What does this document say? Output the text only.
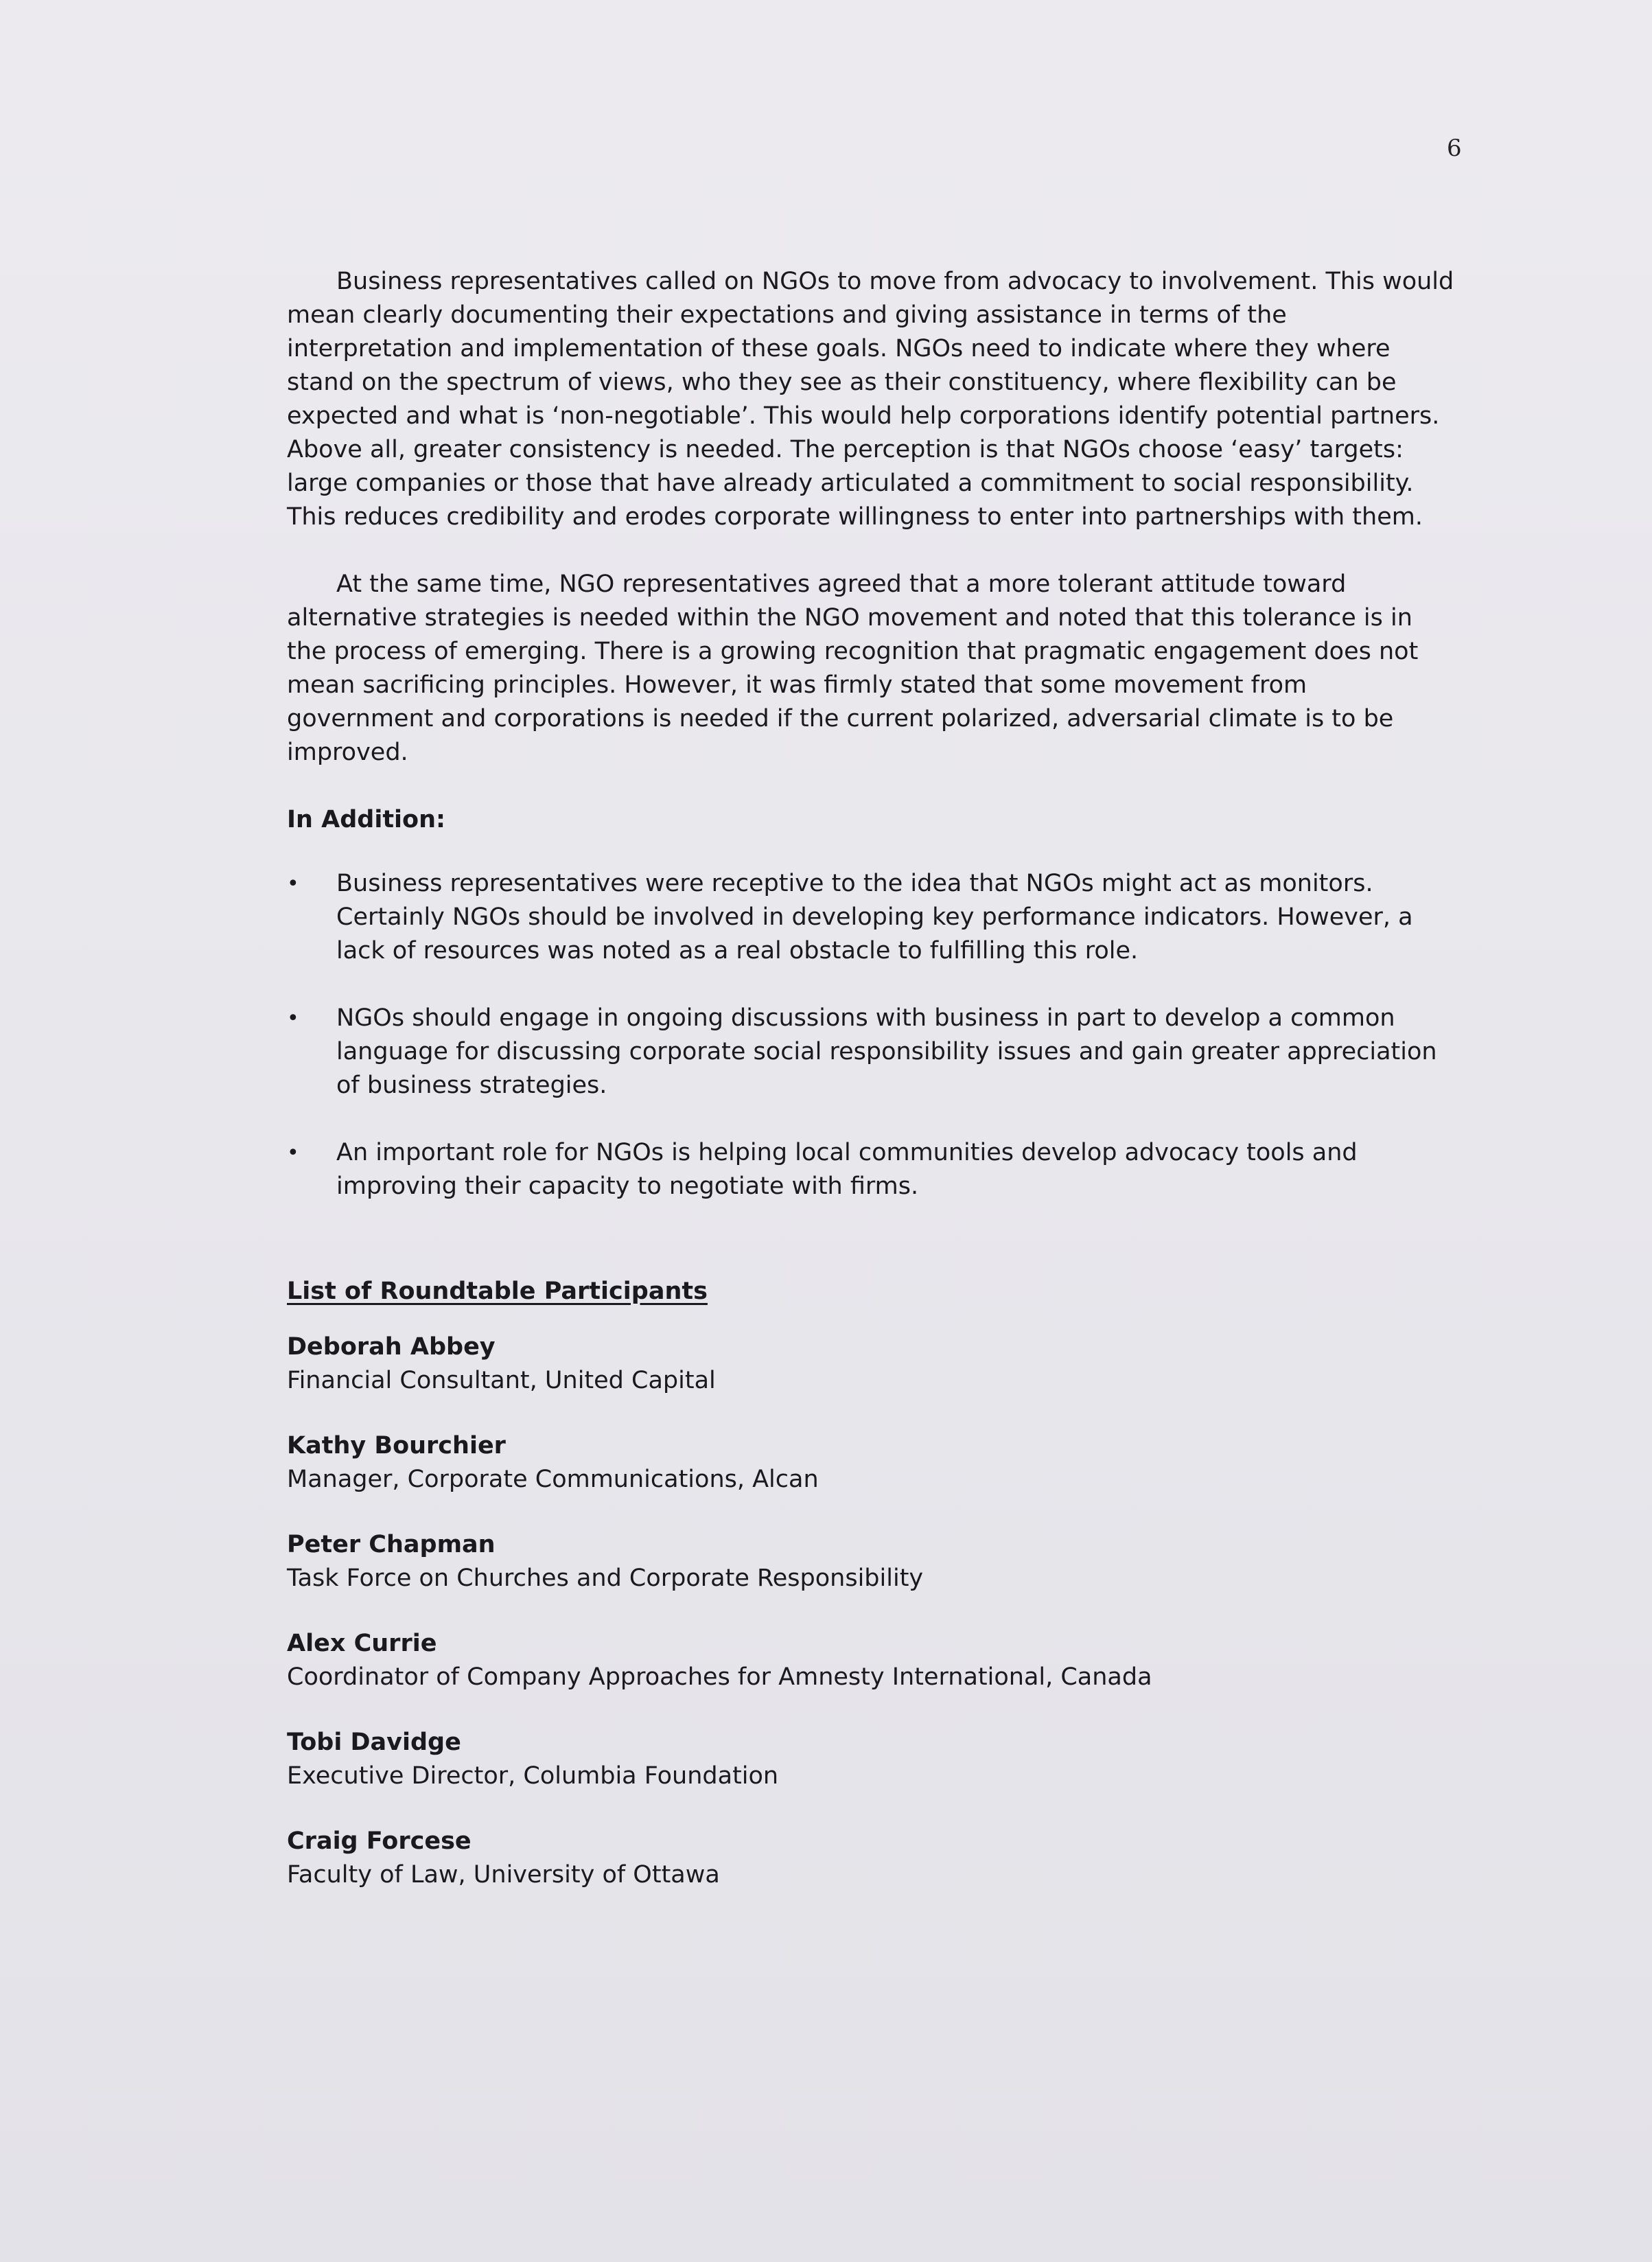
6

Business representatives called on NGOs to move from advocacy to involvement. This would mean clearly documenting their expectations and giving assistance in terms of the interpretation and implementation of these goals. NGOs need to indicate where they where stand on the spectrum of views, who they see as their constituency, where flexibility can be expected and what is ‘non-negotiable’. This would help corporations identify potential partners. Above all, greater consistency is needed. The perception is that NGOs choose ‘easy’ targets: large companies or those that have already articulated a commitment to social responsibility. This reduces credibility and erodes corporate willingness to enter into partnerships with them.

At the same time, NGO representatives agreed that a more tolerant attitude toward alternative strategies is needed within the NGO movement and noted that this tolerance is in the process of emerging. There is a growing recognition that pragmatic engagement does not mean sacrificing principles. However, it was firmly stated that some movement from government and corporations is needed if the current polarized, adversarial climate is to be improved.

In Addition:
• Business representatives were receptive to the idea that NGOs might act as monitors. Certainly NGOs should be involved in developing key performance indicators. However, a lack of resources was noted as a real obstacle to fulfilling this role.
• NGOs should engage in ongoing discussions with business in part to develop a common language for discussing corporate social responsibility issues and gain greater appreciation of business strategies.
• An important role for NGOs is helping local communities develop advocacy tools and improving their capacity to negotiate with firms.
List of Roundtable Participants
Deborah Abbey
Financial Consultant, United Capital
Kathy Bourchier
Manager, Corporate Communications, Alcan
Peter Chapman
Task Force on Churches and Corporate Responsibility
Alex Currie
Coordinator of Company Approaches for Amnesty International, Canada
Tobi Davidge
Executive Director, Columbia Foundation
Craig Forcese
Faculty of Law, University of Ottawa
